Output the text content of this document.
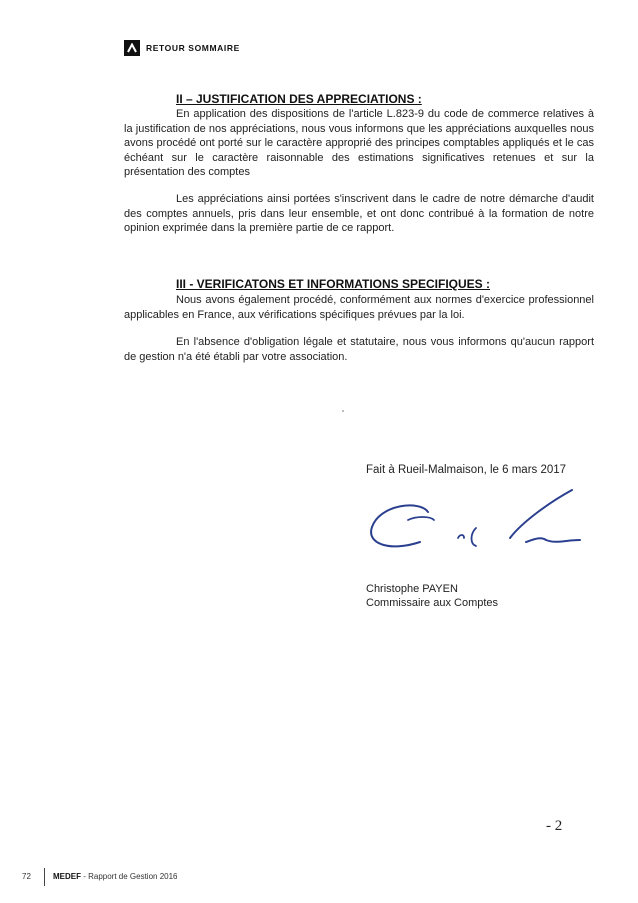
RETOUR SOMMAIRE
II – JUSTIFICATION DES APPRECIATIONS :

En application des dispositions de l'article L.823-9 du code de commerce relatives à la justification de nos appréciations, nous vous informons que les appréciations auxquelles nous avons procédé ont porté sur le caractère approprié des principes comptables appliqués et le cas échéant sur le caractère raisonnable des estimations significatives retenues et sur la présentation des comptes

Les appréciations ainsi portées s'inscrivent dans le cadre de notre démarche d'audit des comptes annuels, pris dans leur ensemble, et ont donc contribué à la formation de notre opinion exprimée dans la première partie de ce rapport.

III - VERIFICATONS ET INFORMATIONS SPECIFIQUES :

Nous avons également procédé, conformément aux normes d'exercice professionnel applicables en France, aux vérifications spécifiques prévues par la loi.

En l'absence d'obligation légale et statutaire, nous vous informons qu'aucun rapport de gestion n'a été établi par votre association.

Fait à Rueil-Malmaison, le 6 mars 2017
Christophe PAYEN
Commissaire aux Comptes
- 2
72	MEDEF - Rapport de Gestion 2016
